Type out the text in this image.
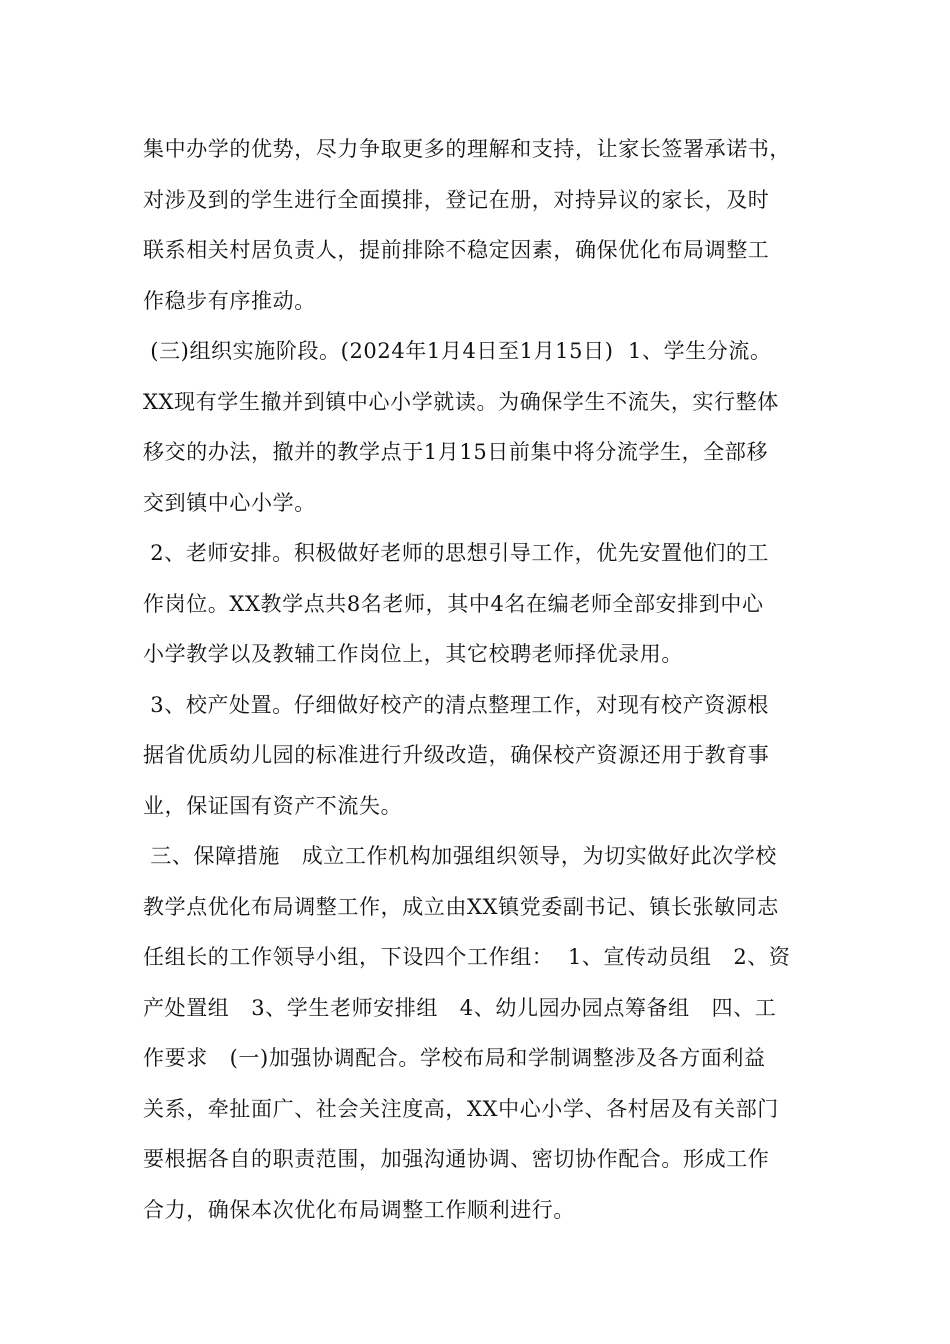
集中办学的优势，尽力争取更多的理解和支持，让家长签署承诺书，
对涉及到的学生进行全面摸排，登记在册，对持异议的家长，及时
联系相关村居负责人，提前排除不稳定因素，确保优化布局调整工
作稳步有序推动。
(三)组织实施阶段。(2024年1月4日至1月15日)  1、学生分流。
XX现有学生撤并到镇中心小学就读。为确保学生不流失，实行整体
移交的办法，撤并的教学点于1月15日前集中将分流学生，全部移
交到镇中心小学。
2、老师安排。积极做好老师的思想引导工作，优先安置他们的工
作岗位。XX教学点共8名老师，其中4名在编老师全部安排到中心
小学教学以及教辅工作岗位上，其它校聘老师择优录用。
3、校产处置。仔细做好校产的清点整理工作，对现有校产资源根
据省优质幼儿园的标准进行升级改造，确保校产资源还用于教育事
业，保证国有资产不流失。
三、保障措施   成立工作机构加强组织领导，为切实做好此次学校
教学点优化布局调整工作，成立由XX镇党委副书记、镇长张敏同志
任组长的工作领导小组，下设四个工作组：  1、宣传动员组   2、资
产处置组   3、学生老师安排组   4、幼儿园办园点筹备组   四、工
作要求   (一)加强协调配合。学校布局和学制调整涉及各方面利益
关系，牵扯面广、社会关注度高，XX中心小学、各村居及有关部门
要根据各自的职责范围，加强沟通协调、密切协作配合。形成工作
合力，确保本次优化布局调整工作顺利进行。
